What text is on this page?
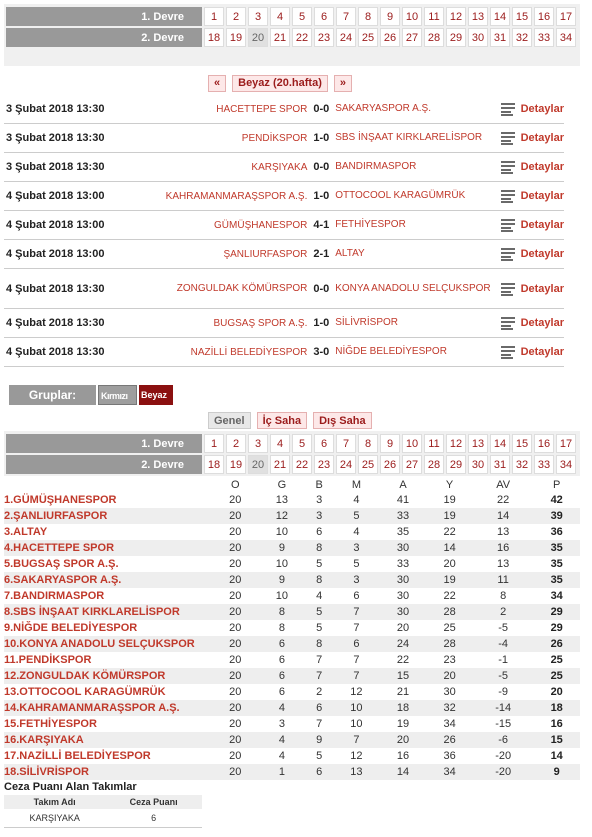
1. Devre	1	2	3	4	5	6	7	8	9	10	11	12	13	14	15	16	17
2. Devre	18	19	20	21	22	23	24	25	26	27	28	29	30	31	32	33	34
«	Beyaz (20.hafta)	»
3 Şubat 2018 13:30	HACETTEPE SPOR 0-0 SAKARYASPOR A.Ş.	Detaylar
3 Şubat 2018 13:30	PENDİKSPOR 1-0 SBS İNŞAAT KIRKLARELİSPOR	Detaylar
3 Şubat 2018 13:30	KARŞIYAKA 0-0 BANDIRMASPOR	Detaylar
4 Şubat 2018 13:00	KAHRAMANMARAŞSPOR A.Ş. 1-0 OTTOCOOL KARAGÜMRÜK	Detaylar
4 Şubat 2018 13:00	GÜMÜŞHANESPOR 4-1 FETHİYESPOR	Detaylar
4 Şubat 2018 13:00	ŞANLIURFASPOR 2-1 ALTAY	Detaylar
4 Şubat 2018 13:30	ZONGULDAK KÖMÜRSPOR 0-0 KONYA ANADOLU SELÇUKSPOR	Detaylar
4 Şubat 2018 13:30	BUGSAŞ SPOR A.Ş. 1-0 SİLİVRİSPOR	Detaylar
4 Şubat 2018 13:30	NAZİLLİ BELEDİYESPOR 3-0 NİĞDE BELEDİYESPOR	Detaylar
Gruplar:	Kırmızı	Beyaz
Genel	İç Saha	Dış Saha
1. Devre	1	2	3	4	5	6	7	8	9	10	11	12	13	14	15	16	17
2. Devre	18	19	20	21	22	23	24	25	26	27	28	29	30	31	32	33	34
	O	G	B	M	A	Y	AV	P
1.GÜMÜŞHANESPOR	20	13	3	4	41	19	22	42
2.ŞANLIURFASPOR	20	12	3	5	33	19	14	39
3.ALTAY	20	10	6	4	35	22	13	36
4.HACETTEPE SPOR	20	9	8	3	30	14	16	35
5.BUGSAŞ SPOR A.Ş.	20	10	5	5	33	20	13	35
6.SAKARYASPOR A.Ş.	20	9	8	3	30	19	11	35
7.BANDIRMASPOR	20	10	4	6	30	22	8	34
8.SBS İNŞAAT KIRKLARELİSPOR	20	8	5	7	30	28	2	29
9.NİĞDE BELEDİYESPOR	20	8	5	7	20	25	-5	29
10.KONYA ANADOLU SELÇUKSPOR	20	6	8	6	24	28	-4	26
11.PENDİKSPOR	20	6	7	7	22	23	-1	25
12.ZONGULDAK KÖMÜRSPOR	20	6	7	7	15	20	-5	25
13.OTTOCOOL KARAGÜMRÜK	20	6	2	12	21	30	-9	20
14.KAHRAMANMARAŞSPOR A.Ş.	20	4	6	10	18	32	-14	18
15.FETHİYESPOR	20	3	7	10	19	34	-15	16
16.KARŞIYAKA	20	4	9	7	20	26	-6	15
17.NAZİLLİ BELEDİYESPOR	20	4	5	12	16	36	-20	14
18.SİLİVRİSPOR	20	1	6	13	14	34	-20	9
Ceza Puanı Alan Takımlar
Takım Adı	Ceza Puanı
KARŞIYAKA	6
